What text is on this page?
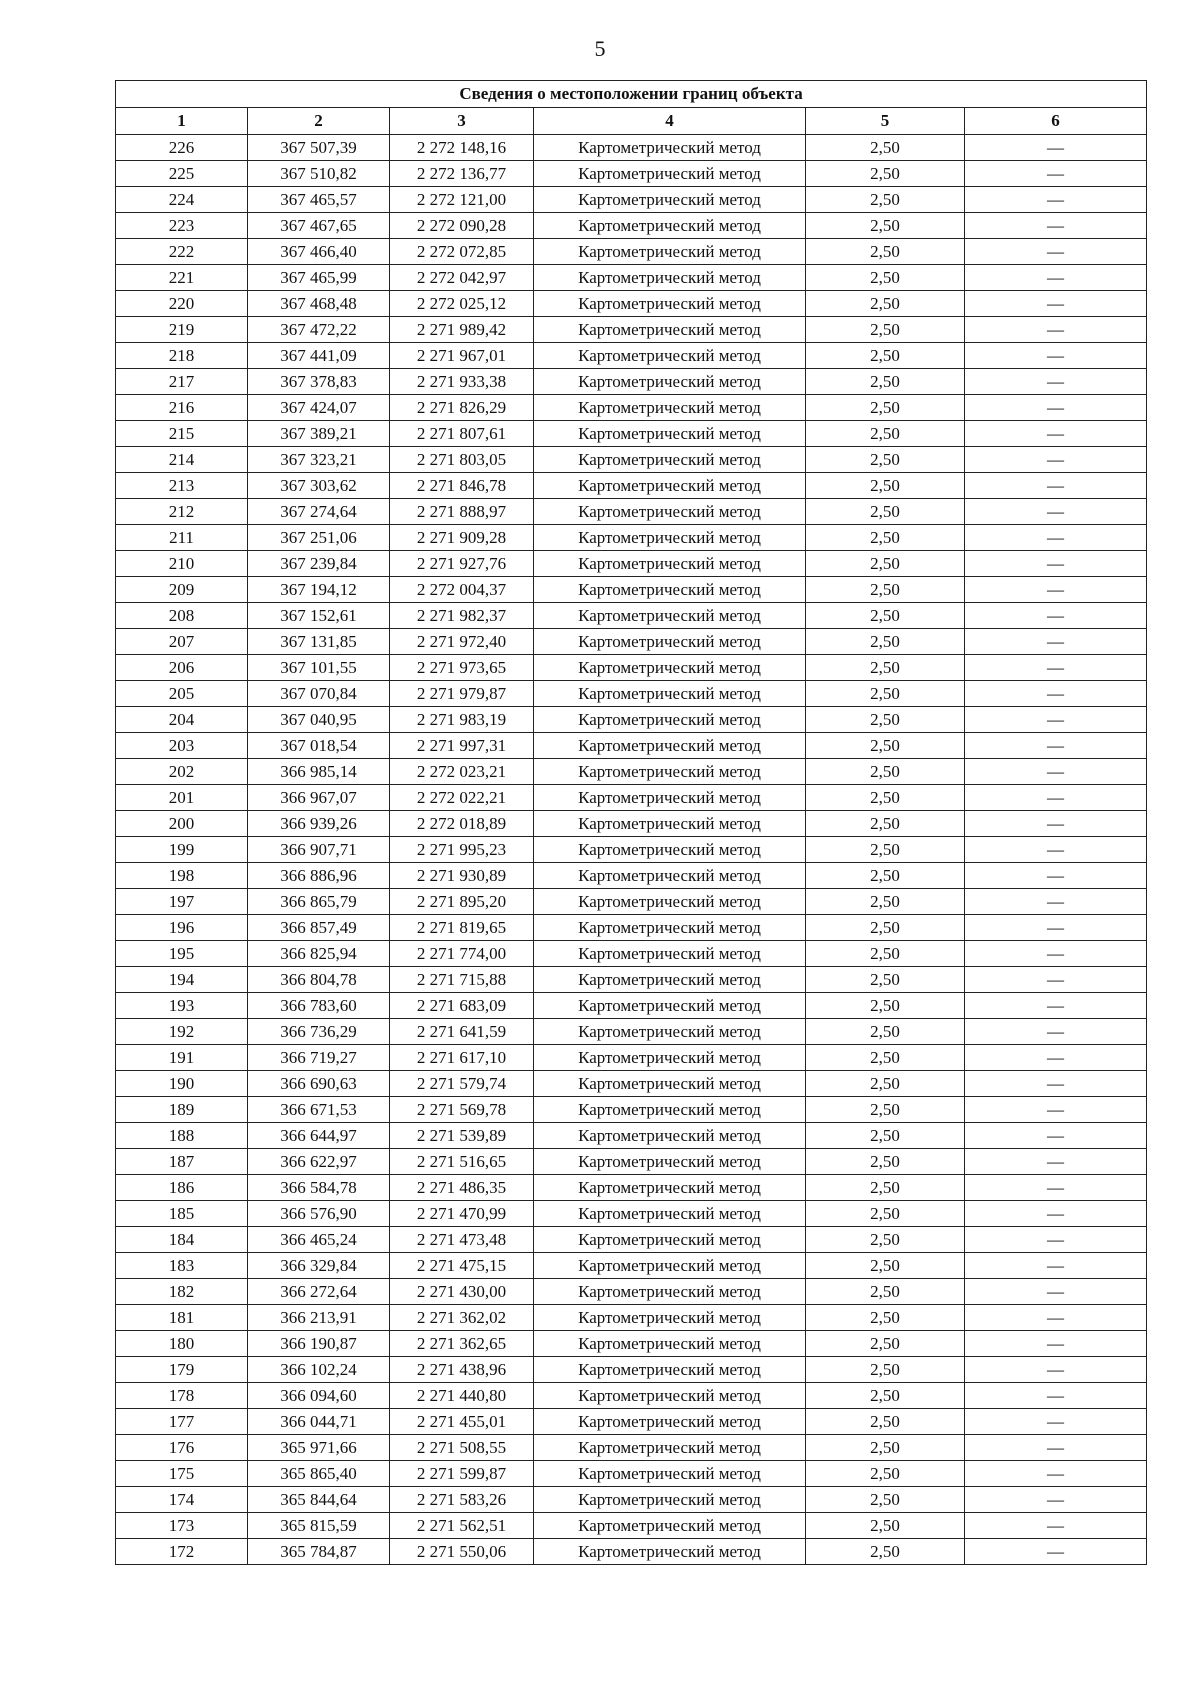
5
Сведения о местоположении границ объекта					
1	2	3	4	5	6
226	367 507,39	2 272 148,16	Картометрический метод	2,50	—
225	367 510,82	2 272 136,77	Картометрический метод	2,50	—
224	367 465,57	2 272 121,00	Картометрический метод	2,50	—
223	367 467,65	2 272 090,28	Картометрический метод	2,50	—
222	367 466,40	2 272 072,85	Картометрический метод	2,50	—
221	367 465,99	2 272 042,97	Картометрический метод	2,50	—
220	367 468,48	2 272 025,12	Картометрический метод	2,50	—
219	367 472,22	2 271 989,42	Картометрический метод	2,50	—
218	367 441,09	2 271 967,01	Картометрический метод	2,50	—
217	367 378,83	2 271 933,38	Картометрический метод	2,50	—
216	367 424,07	2 271 826,29	Картометрический метод	2,50	—
215	367 389,21	2 271 807,61	Картометрический метод	2,50	—
214	367 323,21	2 271 803,05	Картометрический метод	2,50	—
213	367 303,62	2 271 846,78	Картометрический метод	2,50	—
212	367 274,64	2 271 888,97	Картометрический метод	2,50	—
211	367 251,06	2 271 909,28	Картометрический метод	2,50	—
210	367 239,84	2 271 927,76	Картометрический метод	2,50	—
209	367 194,12	2 272 004,37	Картометрический метод	2,50	—
208	367 152,61	2 271 982,37	Картометрический метод	2,50	—
207	367 131,85	2 271 972,40	Картометрический метод	2,50	—
206	367 101,55	2 271 973,65	Картометрический метод	2,50	—
205	367 070,84	2 271 979,87	Картометрический метод	2,50	—
204	367 040,95	2 271 983,19	Картометрический метод	2,50	—
203	367 018,54	2 271 997,31	Картометрический метод	2,50	—
202	366 985,14	2 272 023,21	Картометрический метод	2,50	—
201	366 967,07	2 272 022,21	Картометрический метод	2,50	—
200	366 939,26	2 272 018,89	Картометрический метод	2,50	—
199	366 907,71	2 271 995,23	Картометрический метод	2,50	—
198	366 886,96	2 271 930,89	Картометрический метод	2,50	—
197	366 865,79	2 271 895,20	Картометрический метод	2,50	—
196	366 857,49	2 271 819,65	Картометрический метод	2,50	—
195	366 825,94	2 271 774,00	Картометрический метод	2,50	—
194	366 804,78	2 271 715,88	Картометрический метод	2,50	—
193	366 783,60	2 271 683,09	Картометрический метод	2,50	—
192	366 736,29	2 271 641,59	Картометрический метод	2,50	—
191	366 719,27	2 271 617,10	Картометрический метод	2,50	—
190	366 690,63	2 271 579,74	Картометрический метод	2,50	—
189	366 671,53	2 271 569,78	Картометрический метод	2,50	—
188	366 644,97	2 271 539,89	Картометрический метод	2,50	—
187	366 622,97	2 271 516,65	Картометрический метод	2,50	—
186	366 584,78	2 271 486,35	Картометрический метод	2,50	—
185	366 576,90	2 271 470,99	Картометрический метод	2,50	—
184	366 465,24	2 271 473,48	Картометрический метод	2,50	—
183	366 329,84	2 271 475,15	Картометрический метод	2,50	—
182	366 272,64	2 271 430,00	Картометрический метод	2,50	—
181	366 213,91	2 271 362,02	Картометрический метод	2,50	—
180	366 190,87	2 271 362,65	Картометрический метод	2,50	—
179	366 102,24	2 271 438,96	Картометрический метод	2,50	—
178	366 094,60	2 271 440,80	Картометрический метод	2,50	—
177	366 044,71	2 271 455,01	Картометрический метод	2,50	—
176	365 971,66	2 271 508,55	Картометрический метод	2,50	—
175	365 865,40	2 271 599,87	Картометрический метод	2,50	—
174	365 844,64	2 271 583,26	Картометрический метод	2,50	—
173	365 815,59	2 271 562,51	Картометрический метод	2,50	—
172	365 784,87	2 271 550,06	Картометрический метод	2,50	—
